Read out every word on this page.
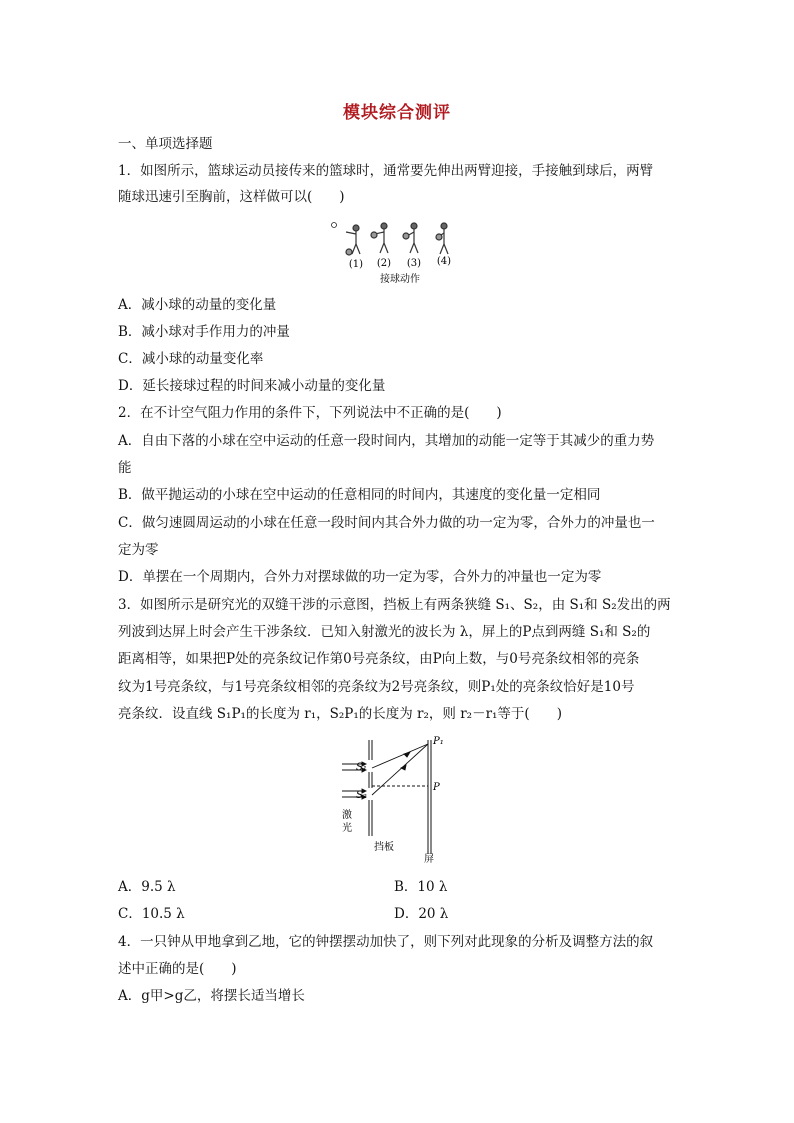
模块综合测评
一、单项选择题
1．如图所示，篮球运动员接传来的篮球时，通常要先伸出两臂迎接，手接触到球后，两臂
随球迅速引至胸前，这样做可以(　　)
(1) (2) (3) (4)
接球动作
A．减小球的动量的变化量
B．减小球对手作用力的冲量
C．减小球的动量变化率
D．延长接球过程的时间来减小动量的变化量
2．在不计空气阻力作用的条件下，下列说法中不正确的是(　　)
A．自由下落的小球在空中运动的任意一段时间内，其增加的动能一定等于其减少的重力势
能
B．做平抛运动的小球在空中运动的任意相同的时间内，其速度的变化量一定相同
C．做匀速圆周运动的小球在任意一段时间内其合外力做的功一定为零，合外力的冲量也一
定为零
D．单摆在一个周期内，合外力对摆球做的功一定为零，合外力的冲量也一定为零
3．如图所示是研究光的双缝干涉的示意图，挡板上有两条狭缝 S₁、S₂，由 S₁和 S₂发出的两
列波到达屏上时会产生干涉条纹．已知入射激光的波长为 λ，屏上的P点到两缝 S₁和 S₂的
距离相等，如果把P处的亮条纹记作第0号亮条纹，由P向上数，与0号亮条纹相邻的亮条
纹为1号亮条纹，与1号亮条纹相邻的亮条纹为2号亮条纹，则P₁处的亮条纹恰好是10号
亮条纹．设直线 S₁P₁的长度为 r₁，S₂P₁的长度为 r₂，则 r₂－r₁等于(　　)
S₁
S₂
P₁
P
激
光
挡板
屏
A．9.5 λ	B．10 λ
C．10.5 λ	D．20 λ
4．一只钟从甲地拿到乙地，它的钟摆摆动加快了，则下列对此现象的分析及调整方法的叙
述中正确的是(　　)
A．g甲>g乙，将摆长适当增长
